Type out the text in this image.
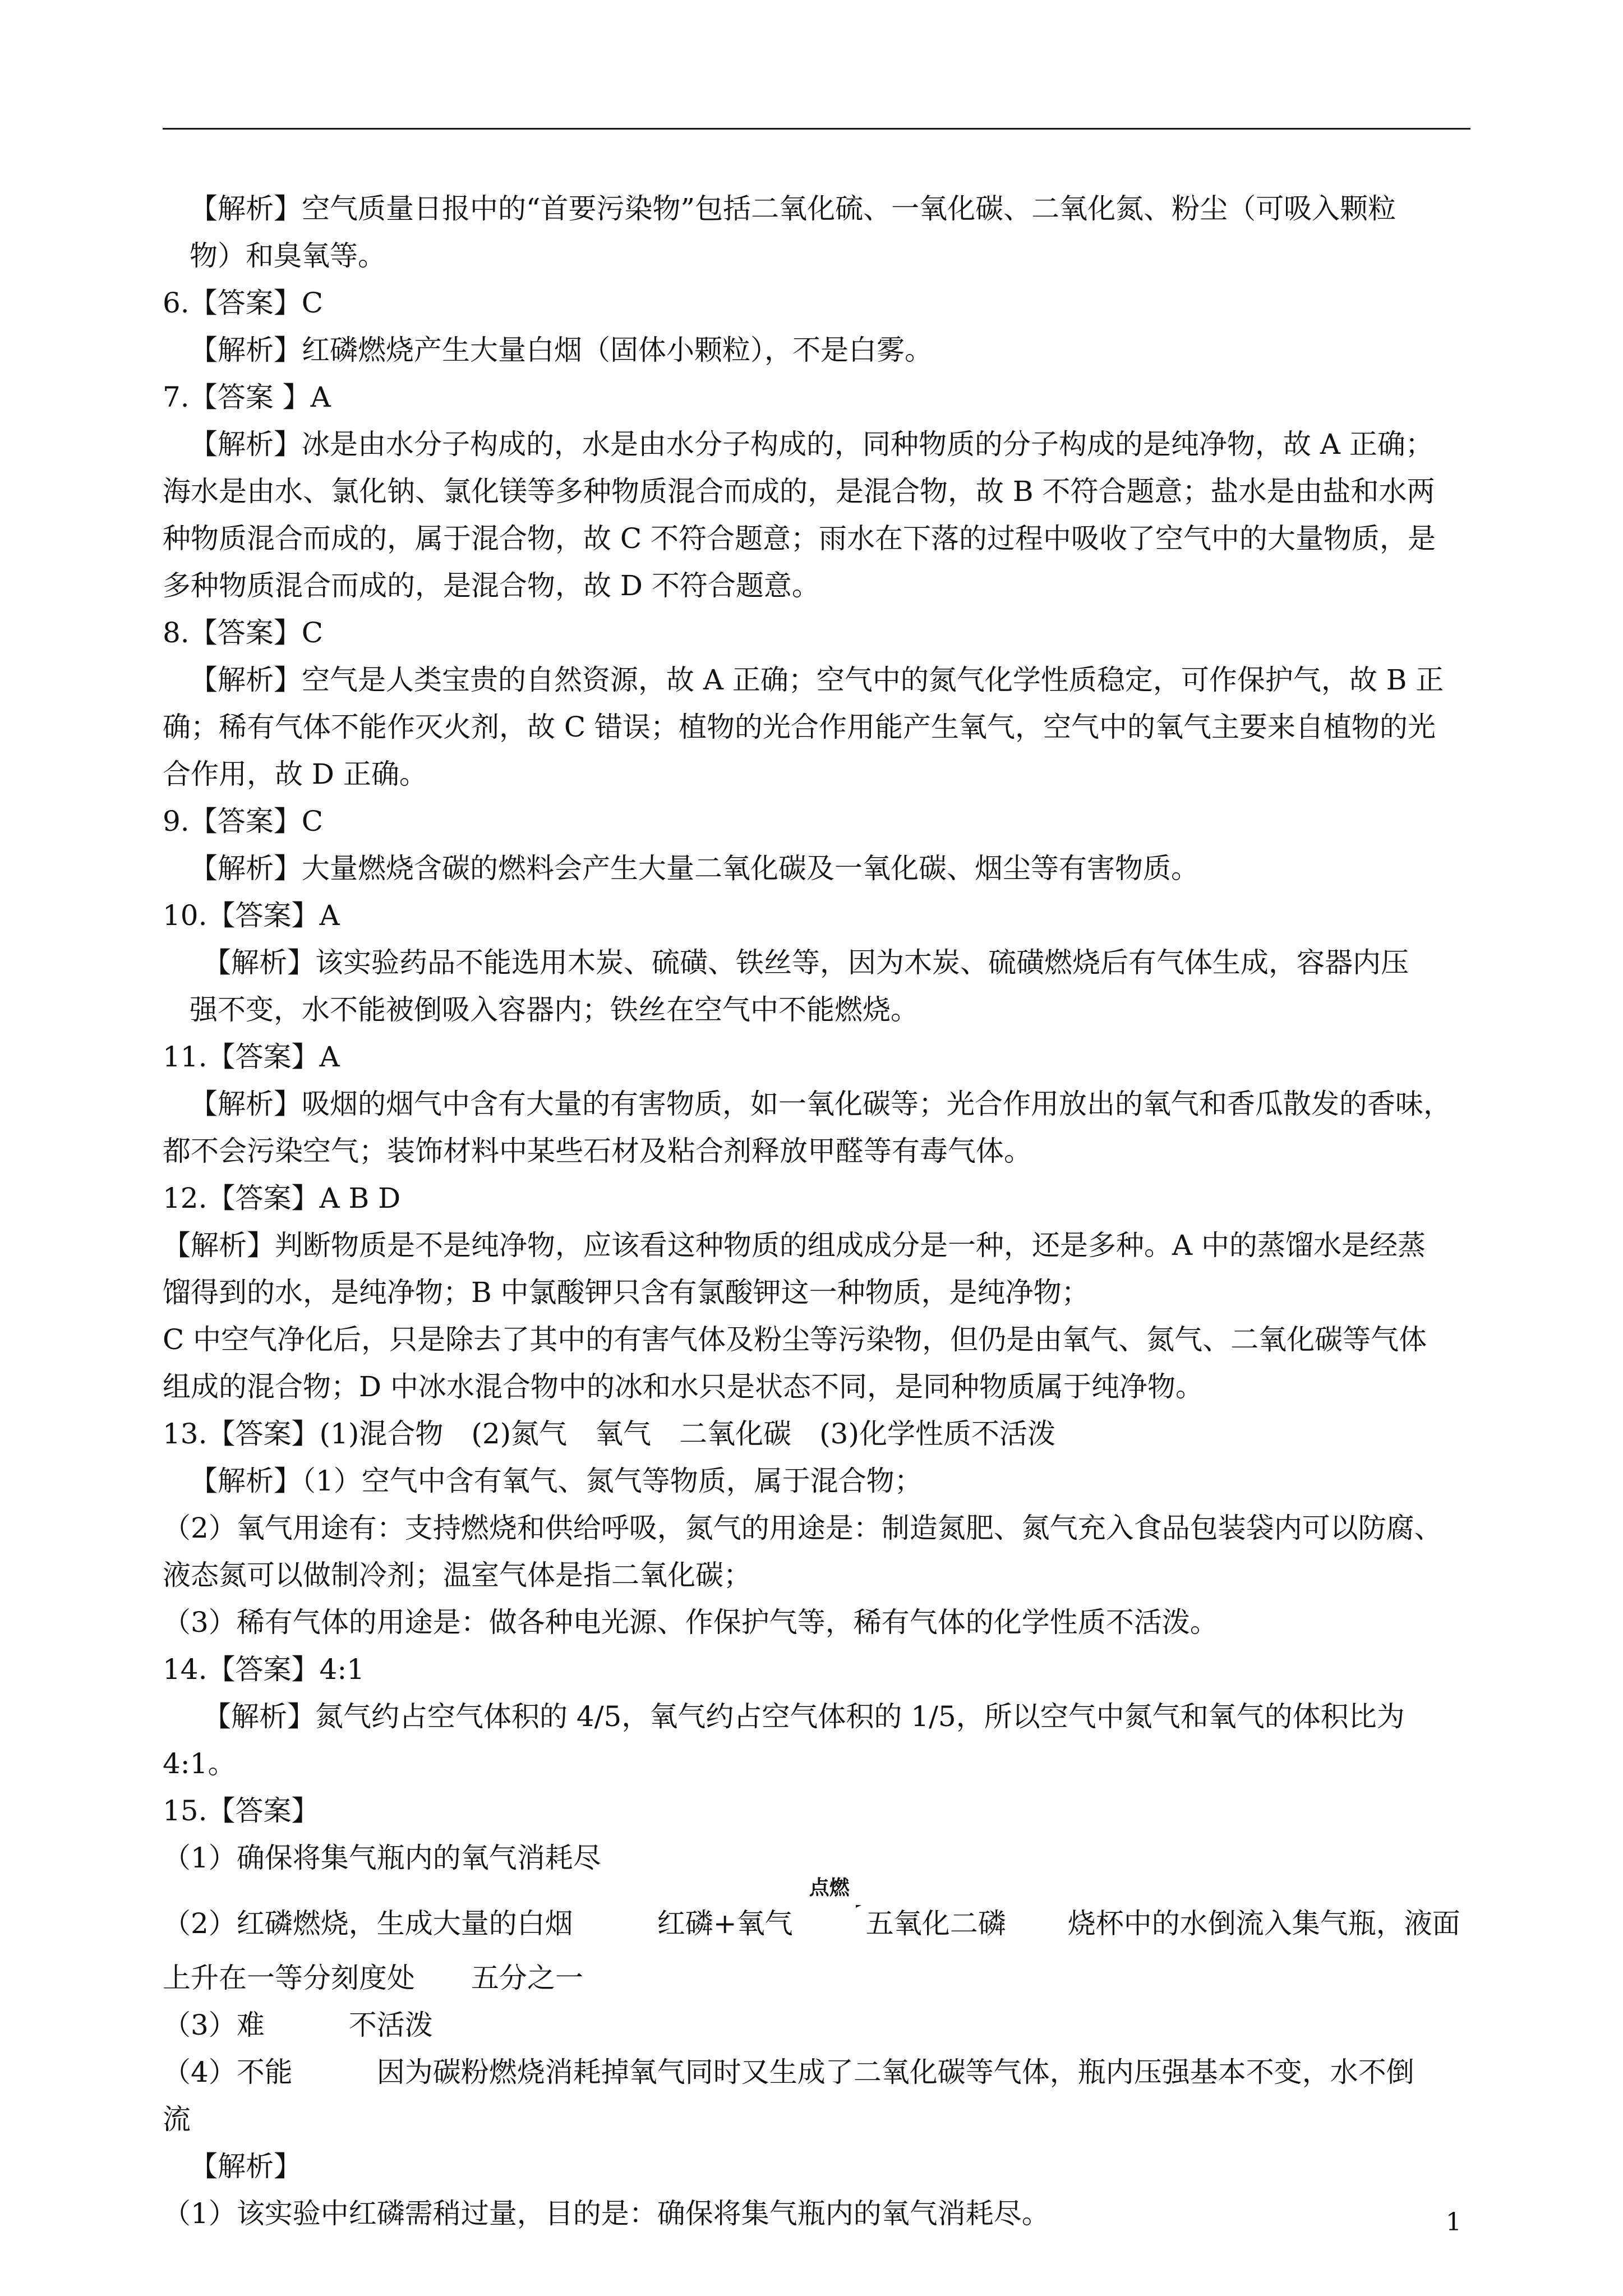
【解析】空气质量日报中的“首要污染物”包括二氧化硫、一氧化碳、二氧化氮、粉尘（可吸入颗粒
物）和臭氧等。
6.【答案】C
【解析】红磷燃烧产生大量白烟（固体小颗粒），不是白雾。
7.【答案 】A
【解析】冰是由水分子构成的，水是由水分子构成的，同种物质的分子构成的是纯净物，故 A 正确；
海水是由水、氯化钠、氯化镁等多种物质混合而成的，是混合物，故 B 不符合题意；盐水是由盐和水两
种物质混合而成的，属于混合物，故 C 不符合题意；雨水在下落的过程中吸收了空气中的大量物质，是
多种物质混合而成的，是混合物，故 D 不符合题意。
8.【答案】C
【解析】空气是人类宝贵的自然资源，故 A 正确；空气中的氮气化学性质稳定，可作保护气，故 B 正
确；稀有气体不能作灭火剂，故 C 错误；植物的光合作用能产生氧气，空气中的氧气主要来自植物的光
合作用，故 D 正确。
9.【答案】C
【解析】大量燃烧含碳的燃料会产生大量二氧化碳及一氧化碳、烟尘等有害物质。
10.【答案】A
【解析】该实验药品不能选用木炭、硫磺、铁丝等，因为木炭、硫磺燃烧后有气体生成，容器内压
强不变，水不能被倒吸入容器内；铁丝在空气中不能燃烧。
11.【答案】A
【解析】吸烟的烟气中含有大量的有害物质，如一氧化碳等；光合作用放出的氧气和香瓜散发的香味，
都不会污染空气；装饰材料中某些石材及粘合剂释放甲醛等有毒气体。
12.【答案】A B D
【解析】判断物质是不是纯净物，应该看这种物质的组成成分是一种，还是多种。A 中的蒸馏水是经蒸
馏得到的水，是纯净物；B 中氯酸钾只含有氯酸钾这一种物质，是纯净物；
C 中空气净化后，只是除去了其中的有害气体及粉尘等污染物，但仍是由氧气、氮气、二氧化碳等气体
组成的混合物；D 中冰水混合物中的冰和水只是状态不同，是同种物质属于纯净物。
13.【答案】(1)混合物　(2)氮气　氧气　二氧化碳　(3)化学性质不活泼
【解析】（1）空气中含有氧气、氮气等物质，属于混合物；
（2）氧气用途有：支持燃烧和供给呼吸，氮气的用途是：制造氮肥、氮气充入食品包装袋内可以防腐、
液态氮可以做制冷剂；温室气体是指二氧化碳；
（3）稀有气体的用途是：做各种电光源、作保护气等，稀有气体的化学性质不活泼。
14.【答案】4:1
【解析】氮气约占空气体积的 4/5，氧气约占空气体积的 1/5，所以空气中氮气和氧气的体积比为
4:1。
15.【答案】
（1）确保将集气瓶内的氧气消耗尽
（2）红磷燃烧，生成大量的白烟	红磷+氧气
点燃
五氧化二磷 烧杯中的水倒流入集气瓶，液面
上升在一等分刻度处　　五分之一
（3）难　　　不活泼
（4）不能　　　因为碳粉燃烧消耗掉氧气同时又生成了二氧化碳等气体，瓶内压强基本不变，水不倒
流
【解析】
（1）该实验中红磷需稍过量，目的是：确保将集气瓶内的氧气消耗尽。	1
